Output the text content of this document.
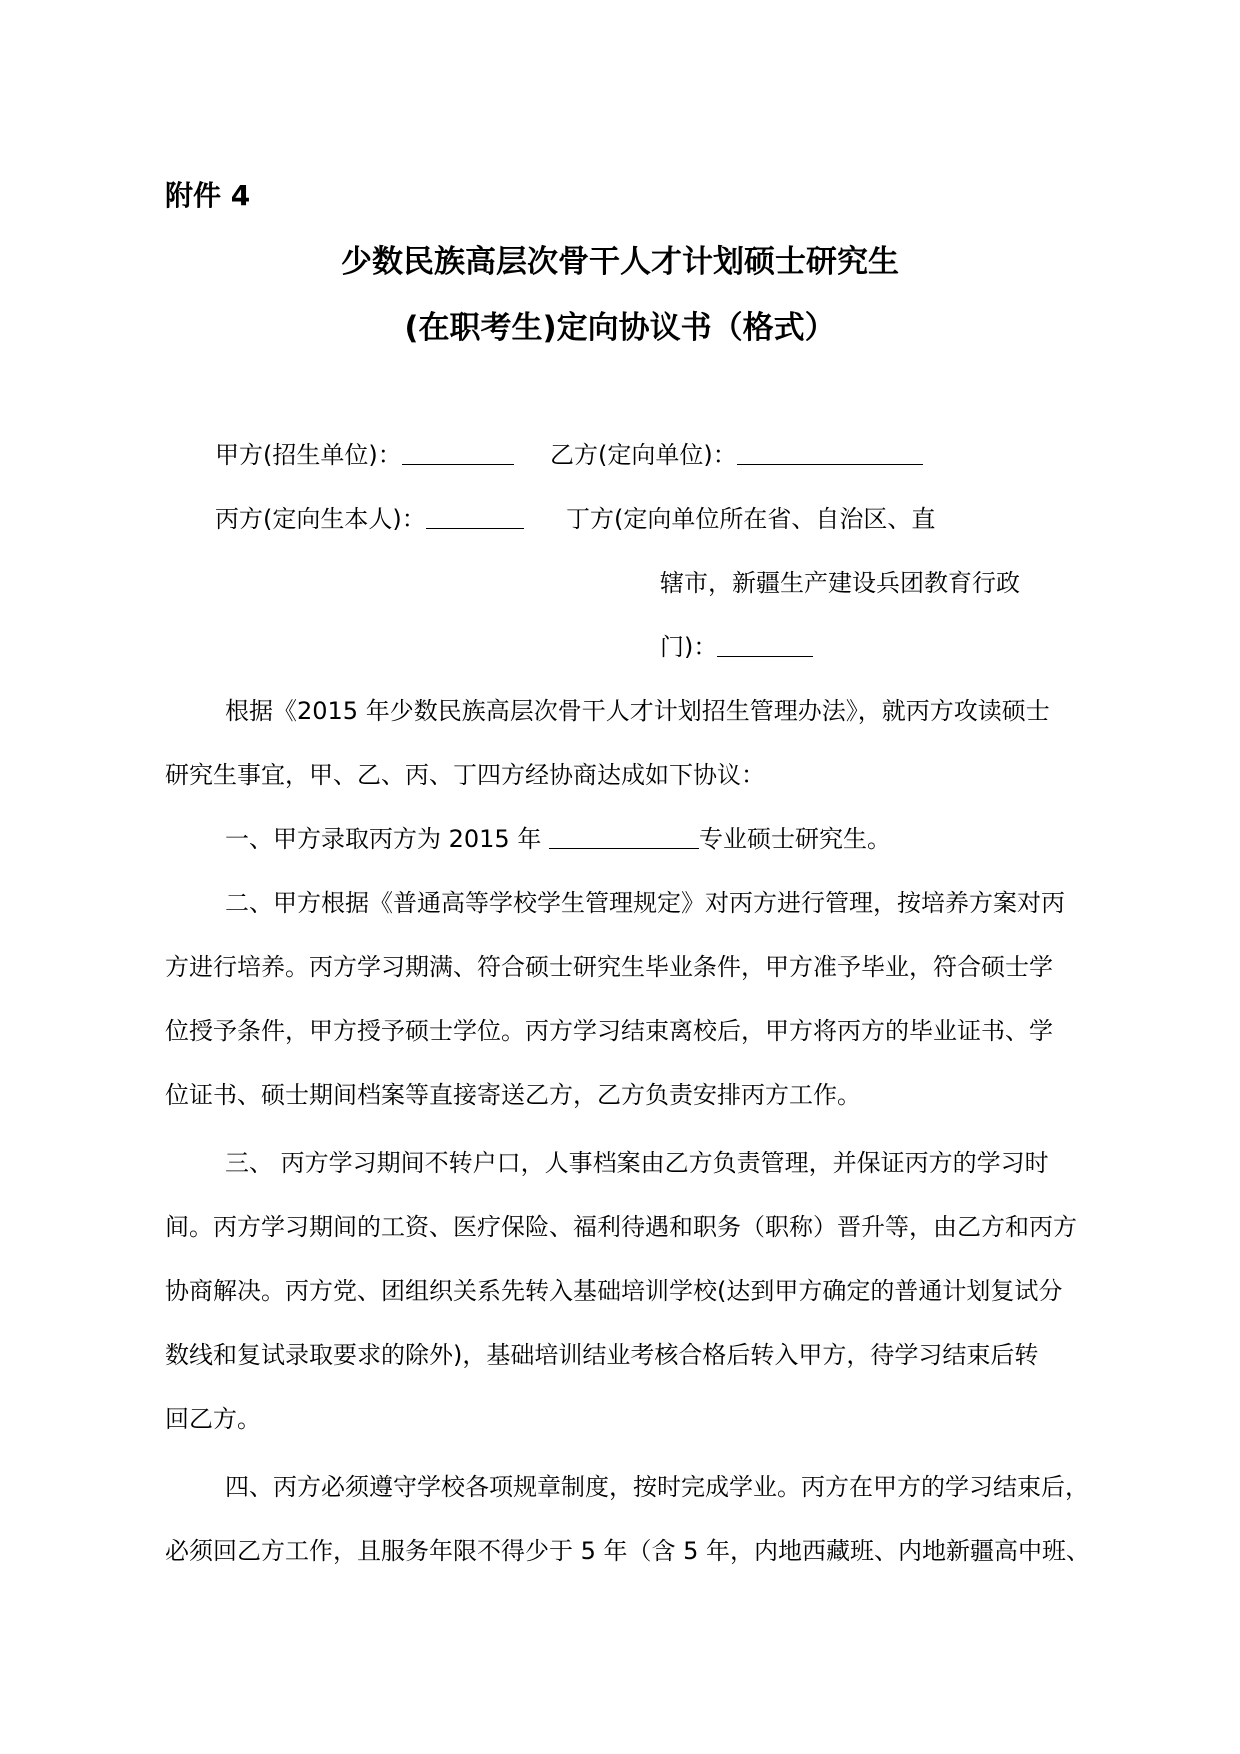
附件 4
少数民族高层次骨干人才计划硕士研究生
(在职考生)定向协议书（格式）
甲方(招生单位)：	乙方(定向单位)：
丙方(定向生本人)：	丁方(定向单位所在省、自治区、直
辖市，新疆生产建设兵团教育行政
门)：
根据《2015 年少数民族高层次骨干人才计划招生管理办法》，就丙方攻读硕士
研究生事宜，甲、乙、丙、丁四方经协商达成如下协议：
一、甲方录取丙方为 2015 年	专业硕士研究生。
二、甲方根据《普通高等学校学生管理规定》对丙方进行管理，按培养方案对丙
方进行培养。丙方学习期满、符合硕士研究生毕业条件，甲方准予毕业，符合硕士学
位授予条件，甲方授予硕士学位。丙方学习结束离校后，甲方将丙方的毕业证书、学
位证书、硕士期间档案等直接寄送乙方，乙方负责安排丙方工作。
三、 丙方学习期间不转户口，人事档案由乙方负责管理，并保证丙方的学习时
间。丙方学习期间的工资、医疗保险、福利待遇和职务（职称）晋升等，由乙方和丙方
协商解决。丙方党、团组织关系先转入基础培训学校(达到甲方确定的普通计划复试分
数线和复试录取要求的除外)，基础培训结业考核合格后转入甲方，待学习结束后转
回乙方。
四、丙方必须遵守学校各项规章制度，按时完成学业。丙方在甲方的学习结束后，
必须回乙方工作，且服务年限不得少于 5 年（含 5 年，内地西藏班、内地新疆高中班、
